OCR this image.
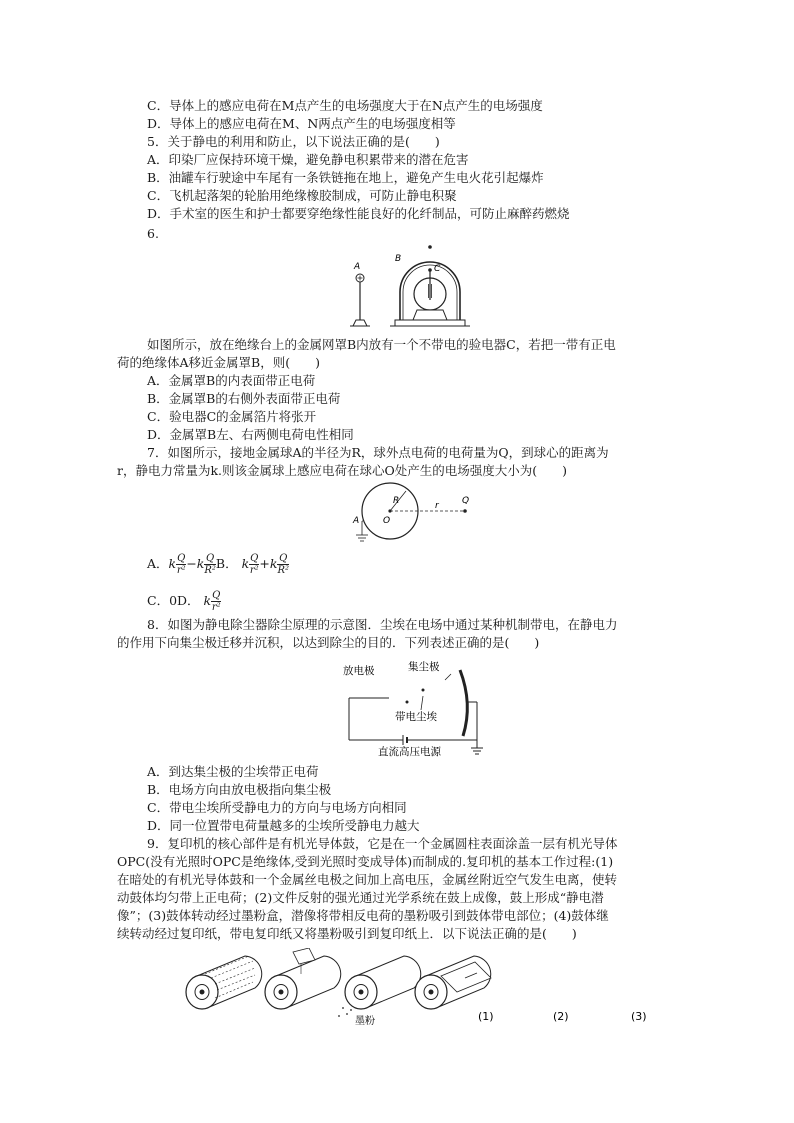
C．导体上的感应电荷在M点产生的电场强度大于在N点产生的电场强度
D．导体上的感应电荷在M、N两点产生的电场强度相等
5．关于静电的利用和防止，以下说法正确的是(　　)
A．印染厂应保持环境干燥，避免静电积累带来的潜在危害
B．油罐车行驶途中车尾有一条铁链拖在地上，避免产生电火花引起爆炸
C．飞机起落架的轮胎用绝缘橡胶制成，可防止静电积聚
D．手术室的医生和护士都要穿绝缘性能良好的化纤制品，可防止麻醉药燃烧
6.
A
B
C
如图所示，放在绝缘台上的金属网罩B内放有一个不带电的验电器C，若把一带有正电
荷的绝缘体A移近金属罩B，则(　　)
A．金属罩B的内表面带正电荷
B．金属罩B的右侧外表面带正电荷
C．验电器C的金属箔片将张开
D．金属罩B左、右两侧电荷电性相同
7．如图所示，接地金属球A的半径为R，球外点电荷的电荷量为Q，到球心的距离为
r，静电力常量为k.则该金属球上感应电荷在球心O处产生的电场强度大小为(　　)
R
O
r	Q
A
A．k $\frac{Q}{\text{r²}} -k \frac{Q}{\text{R²}}$ B． k $\frac{Q}{\text{r²}} +k \frac{Q}{\text{R²}}$
C．0D． k $\frac{Q}{\text{r²}}$
8．如图为静电除尘器除尘原理的示意图．尘埃在电场中通过某种机制带电，在静电力
的作用下向集尘极迁移并沉积，以达到除尘的目的．下列表述正确的是(　　)
放电极	集尘极
带电尘埃
直流高压电源
A．到达集尘极的尘埃带正电荷
B．电场方向由放电极指向集尘极
C．带电尘埃所受静电力的方向与电场方向相同
D．同一位置带电荷量越多的尘埃所受静电力越大
9．复印机的核心部件是有机光导体鼓，它是在一个金属圆柱表面涂盖一层有机光导体
OPC(没有光照时OPC是绝缘体,受到光照时变成导体)而制成的.复印机的基本工作过程:(1)
在暗处的有机光导体鼓和一个金属丝电极之间加上高电压，金属丝附近空气发生电离，使转
动鼓体均匀带上正电荷；(2)文件反射的强光通过光学系统在鼓上成像，鼓上形成“静电潜
像”；(3)鼓体转动经过墨粉盒，潜像将带相反电荷的墨粉吸引到鼓体带电部位；(4)鼓体继
续转动经过复印纸，带电复印纸又将墨粉吸引到复印纸上．以下说法正确的是(　　)
墨粉	(1)	(2)	(3)
